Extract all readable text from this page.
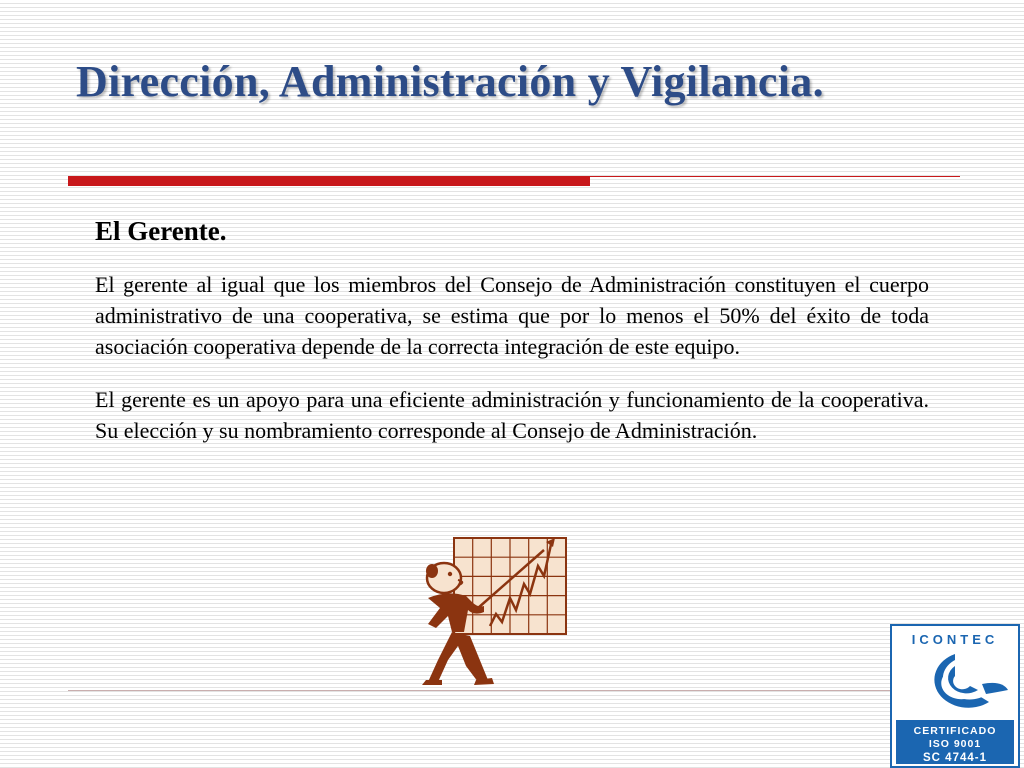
Dirección, Administración y Vigilancia.
El Gerente.

El gerente al igual que los miembros del Consejo de Administración constituyen el cuerpo administrativo de una cooperativa, se estima que por lo menos el 50% del éxito de toda asociación cooperativa depende de la correcta integración de este equipo.

El gerente es un apoyo para una eficiente administración y funcionamiento de la cooperativa. Su elección y su nombramiento corresponde al Consejo de Administración.

ICONTEC
CERTIFICADO
ISO 9001
SC 4744-1
